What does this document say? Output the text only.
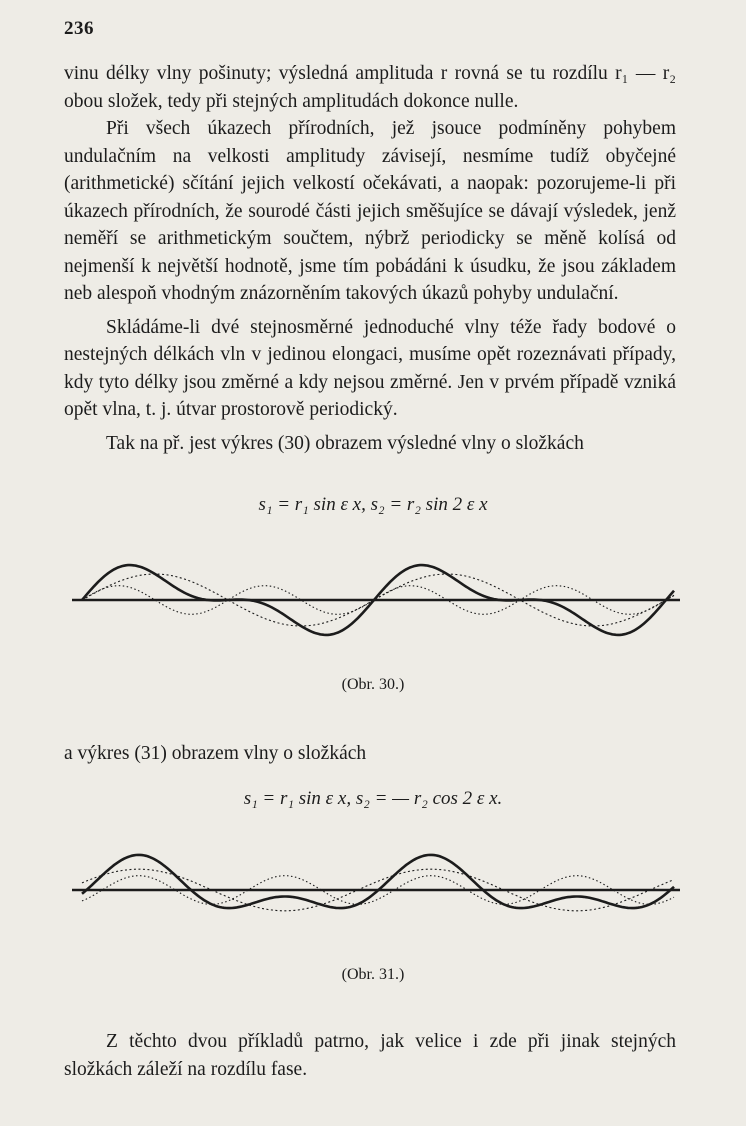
236

vinu délky vlny pošinuty; výsledná amplituda r rovná se tu rozdílu r₁ — r₂ obou složek, tedy při stejných amplitudách dokonce nulle.

Při všech úkazech přírodních, jež jsouce podmíněny pohybem undulačním na velkosti amplitudy závisejí, nesmíme tudíž obyčejné (arithmetické) sčítání jejich velkostí očekávati, a naopak: pozorujeme-li při úkazech přírodních, že sourodé části jejich směšujíce se dávají výsledek, jenž neměří se arithmetickým součtem, nýbrž periodicky se měně kolísá od nejmenší k největší hodnotě, jsme tím pobádáni k úsudku, že jsou základem neb alespoň vhodným znázorněním takových úkazů pohyby undulační.

Skládáme-li dvé stejnosměrné jednoduché vlny téže řady bodové o nestejných délkách vln v jedinou elongaci, musíme opět rozeznávati případy, kdy tyto délky jsou změrné a kdy nejsou změrné. Jen v prvém případě vzniká opět vlna, t. j. útvar prostorově periodický.

Tak na př. jest výkres (30) obrazem výsledné vlny o složkách

s₁ = r₁ sin ε x, s₂ = r₂ sin 2 ε x
(Obr. 30.)

a výkres (31) obrazem vlny o složkách

s₁ = r₁ sin ε x, s₂ = — r₂ cos 2 ε x.
(Obr. 31.)

Z těchto dvou příkladů patrno, jak velice i zde při jinak stejných složkách záleží na rozdílu fase.
